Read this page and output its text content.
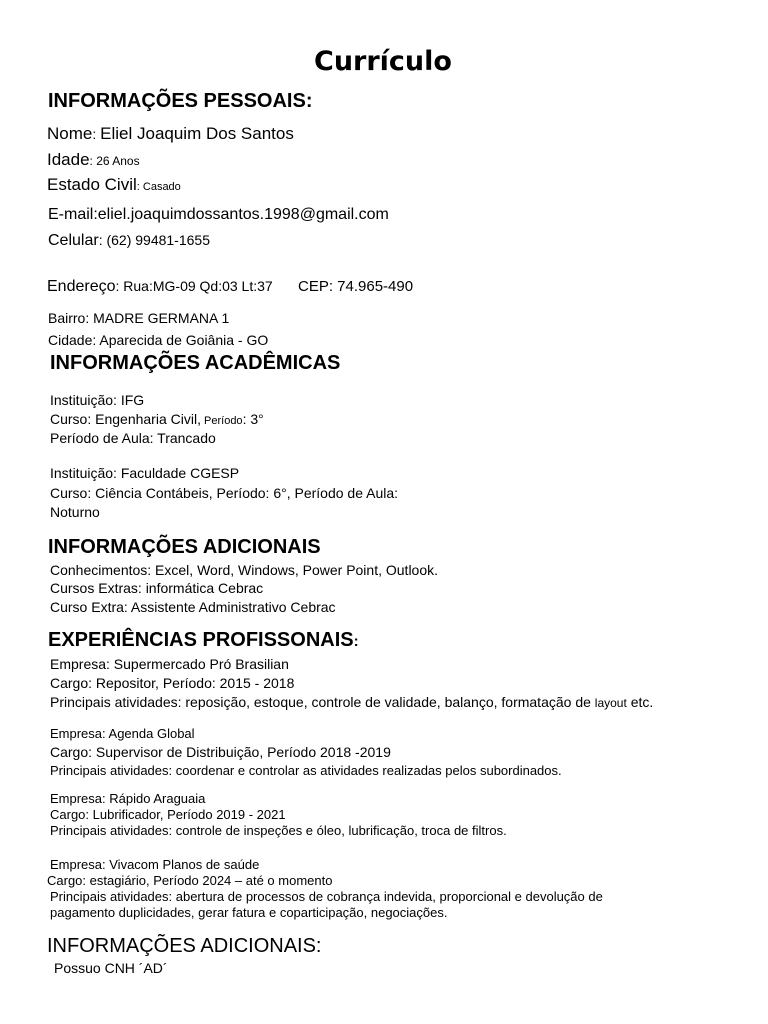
Currículo
INFORMAÇÕES PESSOAIS:
Nome: Eliel Joaquim Dos Santos
Idade: 26 Anos
Estado Civil: Casado
E-mail:eliel.joaquimdossantos.1998@gmail.com
Celular: (62) 99481-1655
Endereço: Rua:MG-09 Qd:03 Lt:37 CEP: 74.965-490
Bairro: MADRE GERMANA 1
Cidade: Aparecida de Goiânia - GO
INFORMAÇÕES ACADÊMICAS
Instituição: IFG
Curso: Engenharia Civil, Período: 3°
Período de Aula: Trancado
Instituição: Faculdade CGESP
Curso: Ciência Contábeis, Período: 6°, Período de Aula:
Noturno
INFORMAÇÕES ADICIONAIS
Conhecimentos: Excel, Word, Windows, Power Point, Outlook.
Cursos Extras: informática Cebrac
Curso Extra: Assistente Administrativo Cebrac
EXPERIÊNCIAS PROFISSONAIS:
Empresa: Supermercado Pró Brasilian
Cargo: Repositor, Período: 2015 - 2018
Principais atividades: reposição, estoque, controle de validade, balanço, formatação de layout etc.
Empresa: Agenda Global
Cargo: Supervisor de Distribuição, Período 2018 -2019
Principais atividades: coordenar e controlar as atividades realizadas pelos subordinados.
Empresa: Rápido Araguaia
Cargo: Lubrificador, Período 2019 - 2021
Principais atividades: controle de inspeções e óleo, lubrificação, troca de filtros.
Empresa: Vivacom Planos de saúde
Cargo: estagiário, Período 2024 – até o momento
Principais atividades: abertura de processos de cobrança indevida, proporcional e devolução de
pagamento duplicidades, gerar fatura e coparticipação, negociações.
INFORMAÇÕES ADICIONAIS:
Possuo CNH ´AD´
